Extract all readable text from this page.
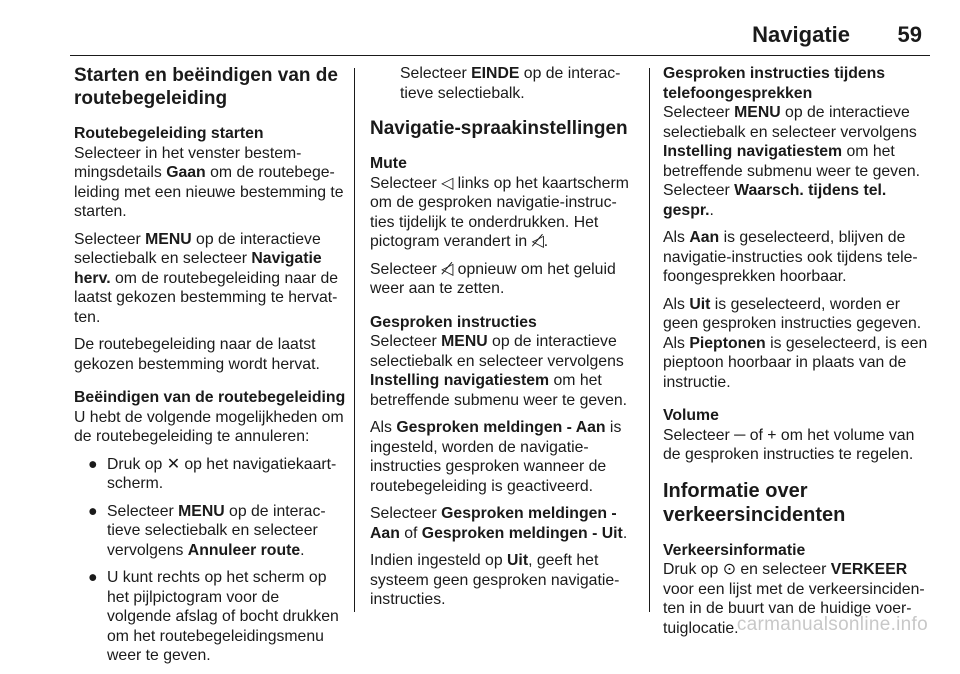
Navigatie 59
Starten en beëindigen van de routebegeleiding
Routebegeleiding starten

Selecteer in het venster bestem-mingsdetails Gaan om de routebege-leiding met een nieuwe bestemming te starten.

Selecteer MENU op de interactieve selectiebalk en selecteer Navigatie herv. om de routebegeleiding naar de laatst gekozen bestemming te hervat-ten.

De routebegeleiding naar de laatst gekozen bestemming wordt hervat.

Beëindigen van de routebegeleiding

U hebt de volgende mogelijkheden om de routebegeleiding te annuleren:

● Druk op ✕ op het navigatiekaart-scherm.
● Selecteer MENU op de interac-tieve selectiebalk en selecteer vervolgens Annuleer route.
● U kunt rechts op het scherm op het pijlpictogram voor de volgende afslag of bocht drukken om het routebegeleidingsmenu weer te geven.

Selecteer EINDE op de interac-tieve selectiebalk.

Navigatie-spraakinstellingen
Mute

Selecteer ◁ links op het kaartscherm om de gesproken navigatie-instruc-ties tijdelijk te onderdrukken. Het pictogram verandert in ◁̸.

Selecteer ◁̸ opnieuw om het geluid weer aan te zetten.

Gesproken instructies

Selecteer MENU op de interactieve selectiebalk en selecteer vervolgens Instelling navigatiestem om het betreffende submenu weer te geven.

Als Gesproken meldingen - Aan is ingesteld, worden de navigatie-instructies gesproken wanneer de routebegeleiding is geactiveerd.

Selecteer Gesproken meldingen - Aan of Gesproken meldingen - Uit.

Indien ingesteld op Uit, geeft het systeem geen gesproken navigatie-instructies.

Gesproken instructies tijdens telefoongesprekken

Selecteer MENU op de interactieve selectiebalk en selecteer vervolgens Instelling navigatiestem om het betreffende submenu weer te geven. Selecteer Waarsch. tijdens tel. gespr..

Als Aan is geselecteerd, blijven de navigatie-instructies ook tijdens tele-foongesprekken hoorbaar.

Als Uit is geselecteerd, worden er geen gesproken instructies gegeven. Als Pieptonen is geselecteerd, is een pieptoon hoorbaar in plaats van de instructie.

Volume

Selecteer ─ of + om het volume van de gesproken instructies te regelen.

Informatie over verkeersincidenten
Verkeersinformatie

Druk op ⊙ en selecteer VERKEER voor een lijst met de verkeersinciden-ten in de buurt van de huidige voer-tuiglocatie.

carmanualsonline.info
